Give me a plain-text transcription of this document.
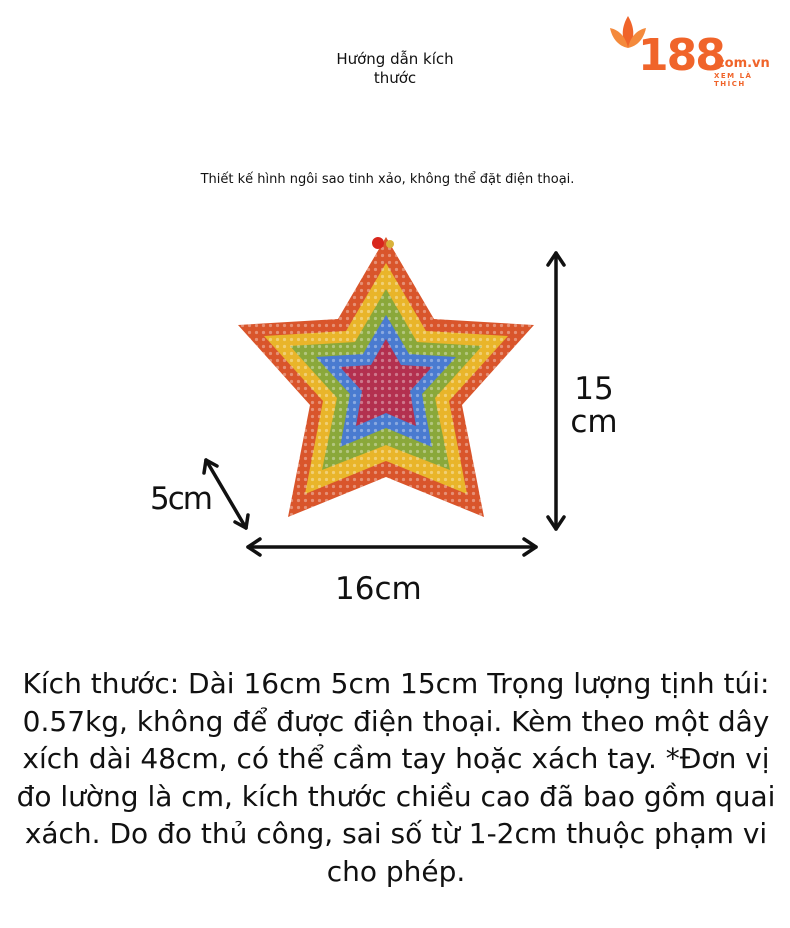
Hướng dẫn kích thước	188
.com.vn
XEM LÀ THÍCH
Thiết kế hình ngôi sao tinh xảo, không thể đặt điện thoại.
15 cm
5cm
16cm
Kích thước: Dài 16cm 5cm 15cm Trọng lượng tịnh túi: 0.57kg, không để được điện thoại. Kèm theo một dây xích dài 48cm, có thể cầm tay hoặc xách tay. *Đơn vị đo lường là cm, kích thước chiều cao đã bao gồm quai xách. Do đo thủ công, sai số từ 1-2cm thuộc phạm vi cho phép.
